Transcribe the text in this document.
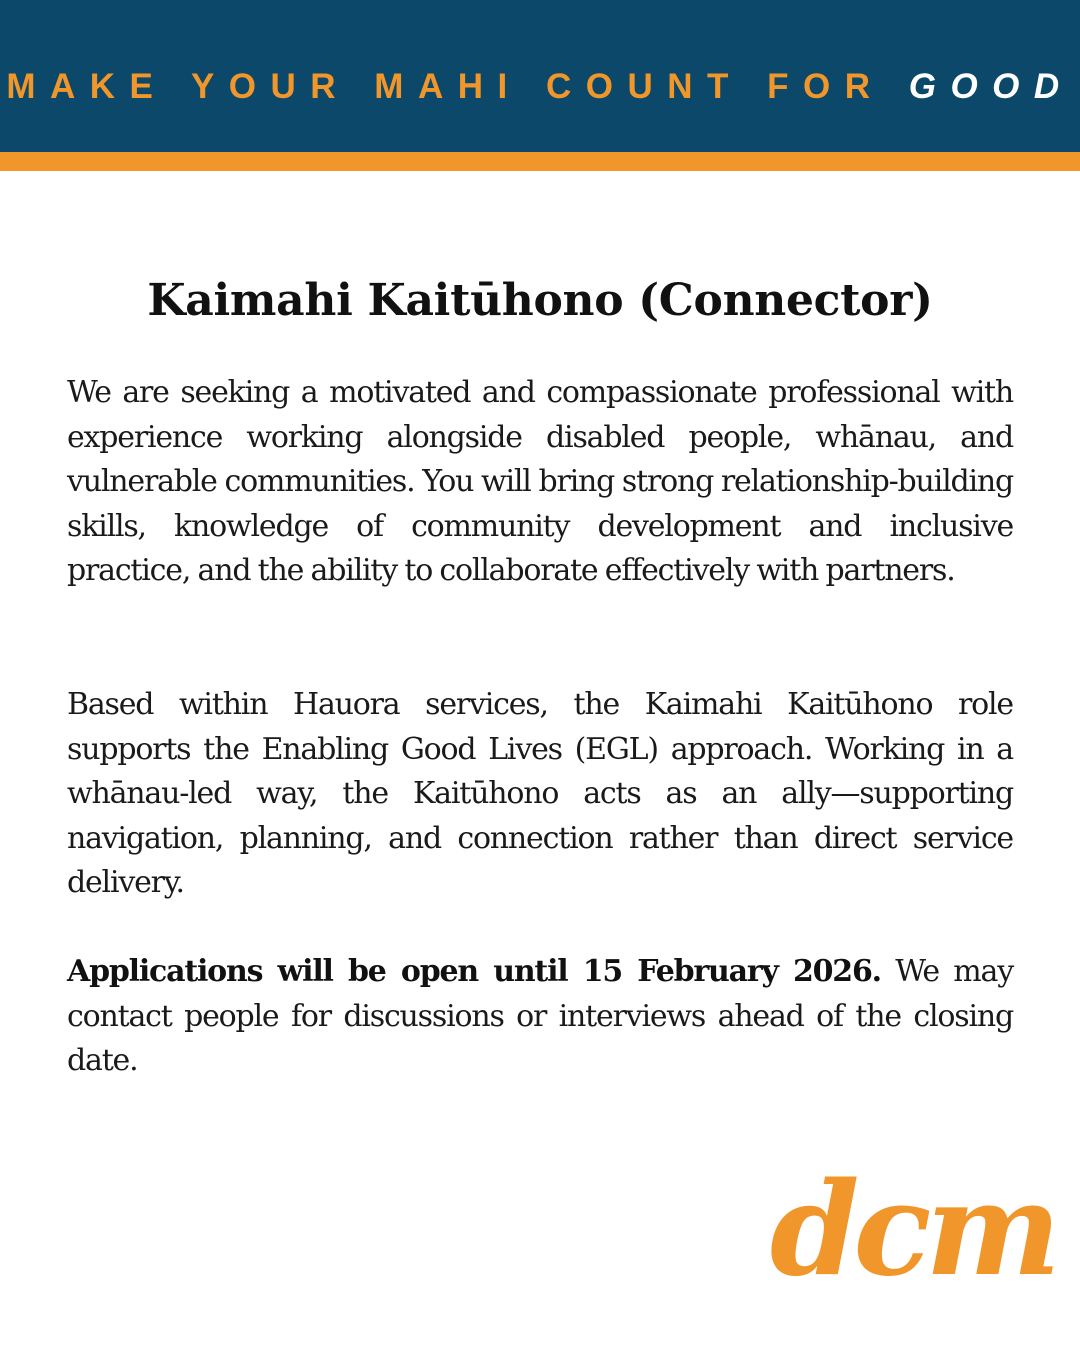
MAKE YOUR MAHI COUNT FOR GOOD
Kaimahi Kaitūhono (Connector)

We are seeking a motivated and compassionate professional with experience working alongside disabled people, whānau, and vulnerable communities. You will bring strong relationship-building skills, knowledge of community development and inclusive practice, and the ability to collaborate effectively with partners.

Based within Hauora services, the Kaimahi Kaitūhono role supports the Enabling Good Lives (EGL) approach. Working in a whānau-led way, the Kaitūhono acts as an ally—supporting navigation, planning, and connection rather than direct service delivery.

Applications will be open until 15 February 2026. We may contact people for discussions or interviews ahead of the closing date.

dcm
